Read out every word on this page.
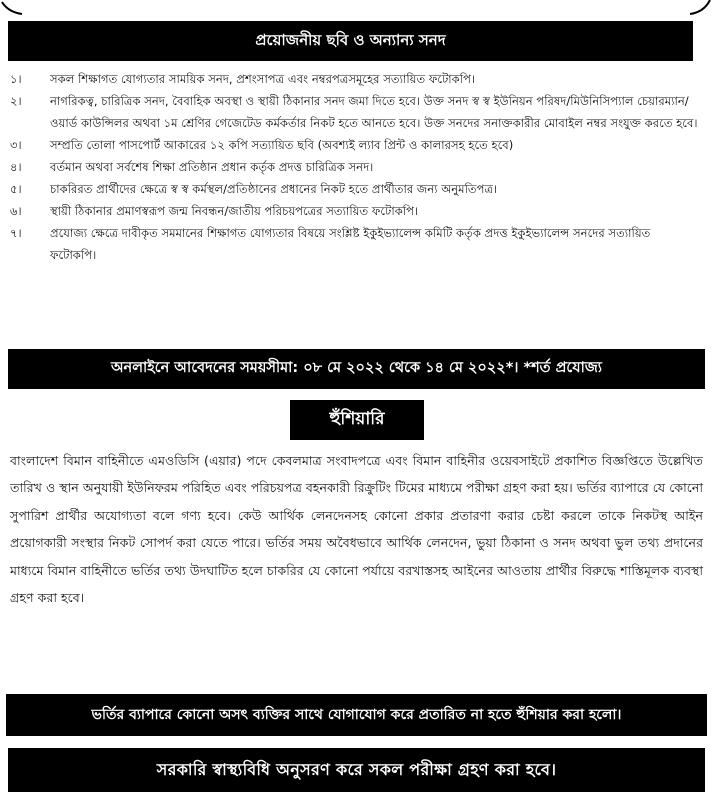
প্রয়োজনীয় ছবি ও অন্যান্য সনদ
১।	সকল শিক্ষাগত যোগ্যতার সাময়িক সনদ, প্রশংসাপত্র এবং নম্বরপত্রসমূহের সত্যায়িত ফটোকপি।
২।	নাগরিকত্ব, চারিত্রিক সনদ, বৈবাহিক অবস্থা ও স্থায়ী ঠিকানার সনদ জমা দিতে হবে। উক্ত সনদ স্ব স্ব ইউনিয়ন পরিষদ/মিউনিসিপ্যাল চেয়ারম্যান/ওয়ার্ড কাউন্সিলর অথবা ১ম শ্রেণির গেজেটেড কর্মকর্তার নিকট হতে আনতে হবে। উক্ত সনদের সনাক্তকারীর মোবাইল নম্বর সংযুক্ত করতে হবে।
৩।	সম্প্রতি তোলা পাসপোর্ট আকারের ১২ কপি সত্যায়িত ছবি (অবশ্যই ল্যাব প্রিন্ট ও কালারসহ হতে হবে)
৪।	বর্তমান অথবা সর্বশেষ শিক্ষা প্রতিষ্ঠান প্রধান কর্তৃক প্রদত্ত চারিত্রিক সনদ।
৫।	চাকরিরত প্রার্থীদের ক্ষেত্রে স্ব স্ব কর্মস্থল/প্রতিষ্ঠানের প্রধানের নিকট হতে প্রার্থীতার জন্য অনুমতিপত্র।
৬।	স্থায়ী ঠিকানার প্রমাণস্বরূপ জন্ম নিবন্ধন/জাতীয় পরিচয়পত্রের সত্যায়িত ফটোকপি।
৭।	প্রযোজ্য ক্ষেত্রে দাবীকৃত সমমানের শিক্ষাগত যোগ্যতার বিষয়ে সংশ্লিষ্ট ইকুইভ্যালেন্স কমিটি কর্তৃক প্রদত্ত ইকুইভ্যালেন্স সনদের সত্যায়িত ফটোকপি।
অনলাইনে আবেদনের সময়সীমা: ০৮ মে ২০২২ থেকে ১৪ মে ২০২২*। *শর্ত প্রযোজ্য
হুঁশিয়ারি

বাংলাদেশ বিমান বাহিনীতে এমওডিসি (এয়ার) পদে কেবলমাত্র সংবাদপত্রে এবং বিমান বাহিনীর ওয়েবসাইটে প্রকাশিত বিজ্ঞপ্তিতে উল্লেখিত তারিখ ও স্থান অনুযায়ী ইউনিফরম পরিহিত এবং পরিচয়পত্র বহনকারী রিক্রুটিং টিমের মাধ্যমে পরীক্ষা গ্রহণ করা হয়। ভর্তির ব্যাপারে যে কোনো সুপারিশ প্রার্থীর অযোগ্যতা বলে গণ্য হবে। কেউ আর্থিক লেনদেনসহ কোনো প্রকার প্রতারণা করার চেষ্টা করলে তাকে নিকটস্থ আইন প্রয়োগকারী সংস্থার নিকট সোপর্দ করা যেতে পারে। ভর্তির সময় অবৈধভাবে আর্থিক লেনদেন, ভুয়া ঠিকানা ও সনদ অথবা ভুল তথ্য প্রদানের মাধ্যমে বিমান বাহিনীতে ভর্তির তথ্য উদঘাটিত হলে চাকরির যে কোনো পর্যায়ে বরখাস্তসহ আইনের আওতায় প্রার্থীর বিরুদ্ধে শাস্তিমূলক ব্যবস্থা গ্রহণ করা হবে।

ভর্তির ব্যাপারে কোনো অসৎ ব্যক্তির সাথে যোগাযোগ করে প্রতারিত না হতে হুঁশিয়ার করা হলো।
সরকারি স্বাস্থ্যবিধি অনুসরণ করে সকল পরীক্ষা গ্রহণ করা হবে।
